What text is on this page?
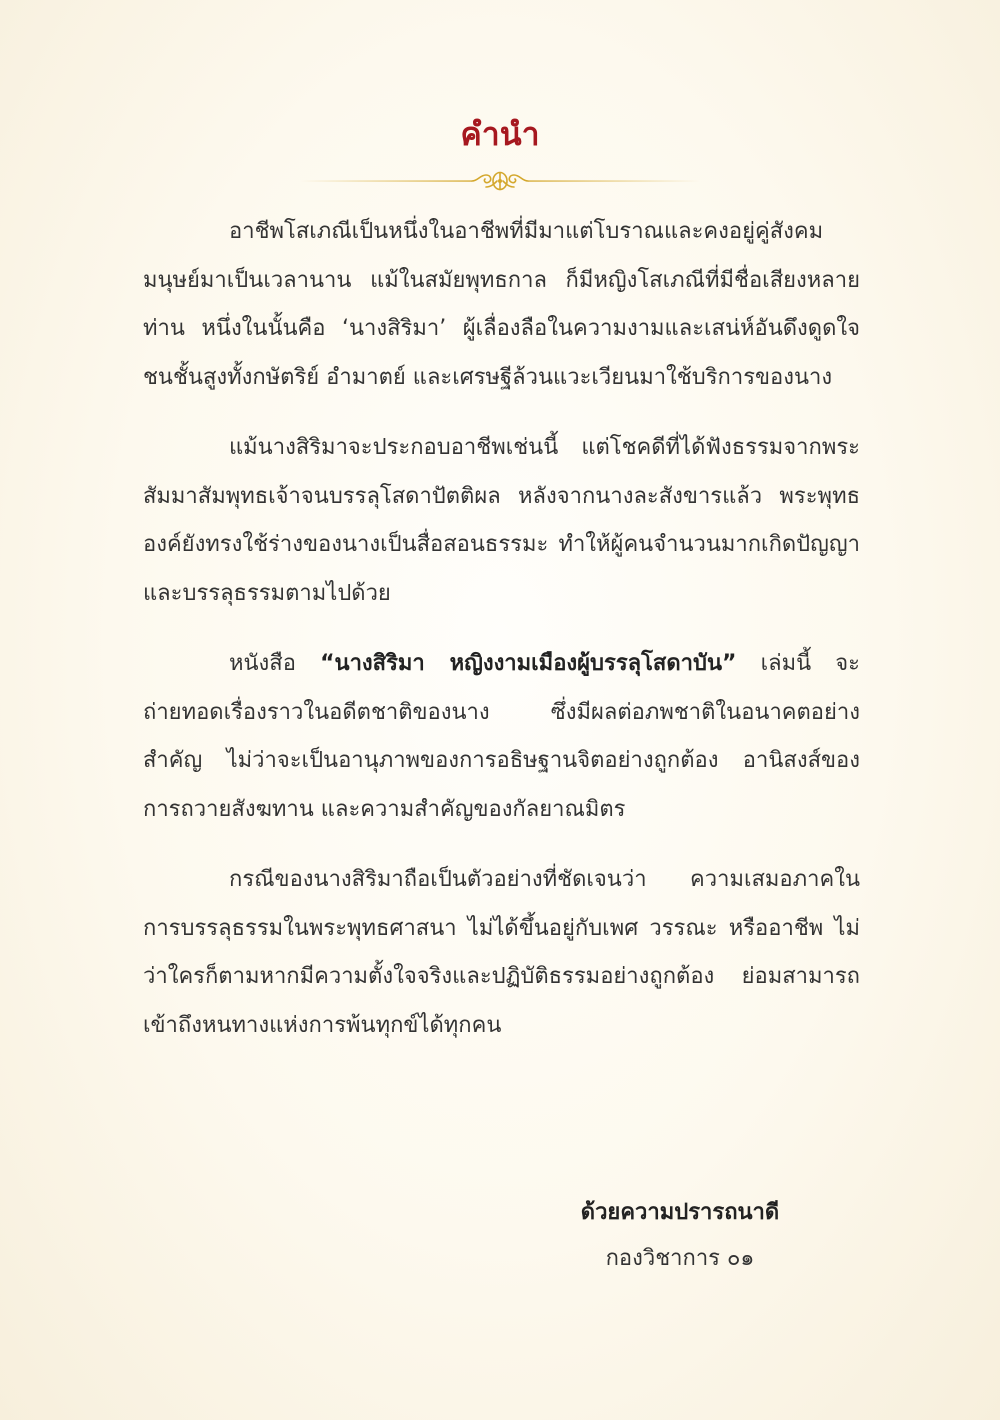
คำนำ

อาชีพโสเภณีเป็นหนึ่งในอาชีพที่มีมาแต่โบราณและคงอยู่คู่สังคมมนุษย์มาเป็นเวลานาน แม้ในสมัยพุทธกาล ก็มีหญิงโสเภณีที่มีชื่อเสียงหลายท่าน หนึ่งในนั้นคือ ‘นางสิริมา’ ผู้เลื่องลือในความงามและเสน่ห์อันดึงดูดใจ ชนชั้นสูงทั้งกษัตริย์ อำมาตย์ และเศรษฐีล้วนแวะเวียนมาใช้บริการของนาง

แม้นางสิริมาจะประกอบอาชีพเช่นนี้ แต่โชคดีที่ได้ฟังธรรมจากพระสัมมาสัมพุทธเจ้าจนบรรลุโสดาปัตติผล หลังจากนางละสังขารแล้ว พระพุทธองค์ยังทรงใช้ร่างของนางเป็นสื่อสอนธรรมะ ทำให้ผู้คนจำนวนมากเกิดปัญญาและบรรลุธรรมตามไปด้วย

หนังสือ “นางสิริมา หญิงงามเมืองผู้บรรลุโสดาบัน” เล่มนี้ จะถ่ายทอดเรื่องราวในอดีตชาติของนาง ซึ่งมีผลต่อภพชาติในอนาคตอย่างสำคัญ ไม่ว่าจะเป็นอานุภาพของการอธิษฐานจิตอย่างถูกต้อง อานิสงส์ของการถวายสังฆทาน และความสำคัญของกัลยาณมิตร

กรณีของนางสิริมาถือเป็นตัวอย่างที่ชัดเจนว่า ความเสมอภาคในการบรรลุธรรมในพระพุทธศาสนา ไม่ได้ขึ้นอยู่กับเพศ วรรณะ หรืออาชีพ ไม่ว่าใครก็ตามหากมีความตั้งใจจริงและปฏิบัติธรรมอย่างถูกต้อง ย่อมสามารถเข้าถึงหนทางแห่งการพ้นทุกข์ได้ทุกคน

ด้วยความปรารถนาดี
กองวิชาการ ๐๑
